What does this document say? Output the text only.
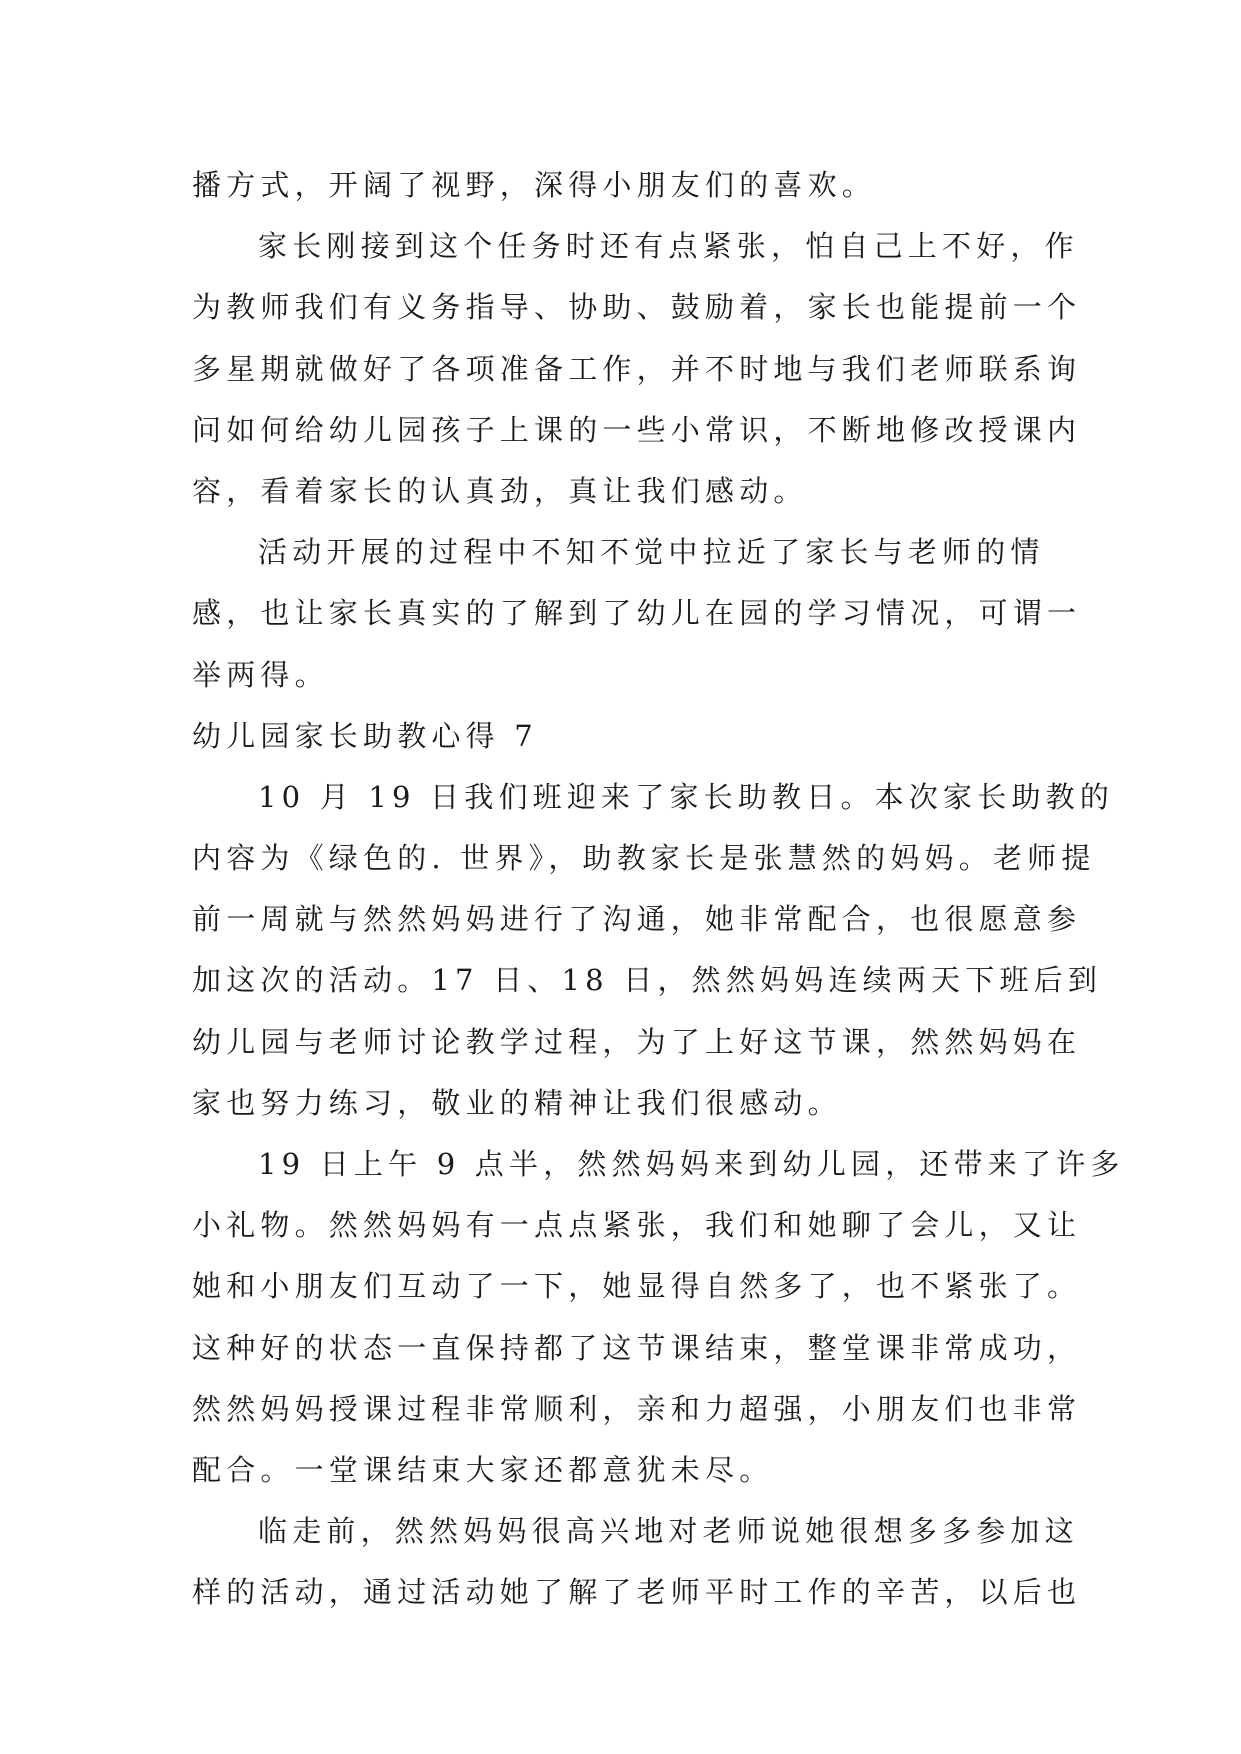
播方式，开阔了视野，深得小朋友们的喜欢。
家长刚接到这个任务时还有点紧张，怕自己上不好，作
为教师我们有义务指导、协助、鼓励着，家长也能提前一个
多星期就做好了各项准备工作，并不时地与我们老师联系询
问如何给幼儿园孩子上课的一些小常识，不断地修改授课内
容，看着家长的认真劲，真让我们感动。
活动开展的过程中不知不觉中拉近了家长与老师的情
感，也让家长真实的了解到了幼儿在园的学习情况，可谓一
举两得。
幼儿园家长助教心得 7
10 月 19 日我们班迎来了家长助教日。本次家长助教的
内容为《绿色的. 世界》，助教家长是张慧然的妈妈。老师提
前一周就与然然妈妈进行了沟通，她非常配合，也很愿意参
加这次的活动。17 日、18 日，然然妈妈连续两天下班后到
幼儿园与老师讨论教学过程，为了上好这节课，然然妈妈在
家也努力练习，敬业的精神让我们很感动。
19 日上午 9 点半，然然妈妈来到幼儿园，还带来了许多
小礼物。然然妈妈有一点点紧张，我们和她聊了会儿，又让
她和小朋友们互动了一下，她显得自然多了，也不紧张了。
这种好的状态一直保持都了这节课结束，整堂课非常成功，
然然妈妈授课过程非常顺利，亲和力超强，小朋友们也非常
配合。一堂课结束大家还都意犹未尽。
临走前，然然妈妈很高兴地对老师说她很想多多参加这
样的活动，通过活动她了解了老师平时工作的辛苦，以后也
